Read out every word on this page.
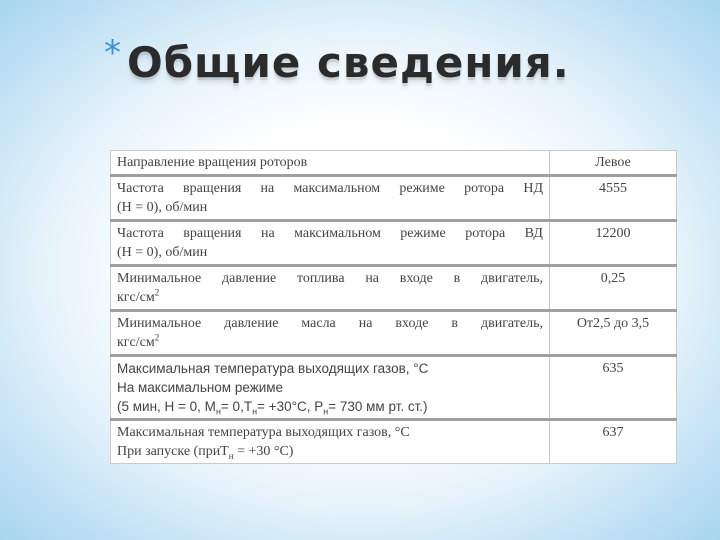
* Общие сведения.
Направление вращения роторов	Левое

Частота вращения на максимальном режиме ротора НД
(Н = 0), об/мин	4555

Частота вращения на максимальном режиме ротора ВД
(Н = 0), об/мин	12200

Минимальное давление топлива на входе в двигатель,
кгс/$см^2$	0,25

Минимальное давление масла на входе в двигатель,
кгс/$см^2$	От2,5 до 3,5

Максимальная температура выходящих газов, °С
На максимальном режиме
(5 мин, Н = 0, $М_н= 0,Т_н= +30^\circ С$, $Р_н= 730$ мм рт. ст.)	635

Максимальная температура выходящих газов, °С
При запуске (приТ$_н$ = +30 °С)	637
